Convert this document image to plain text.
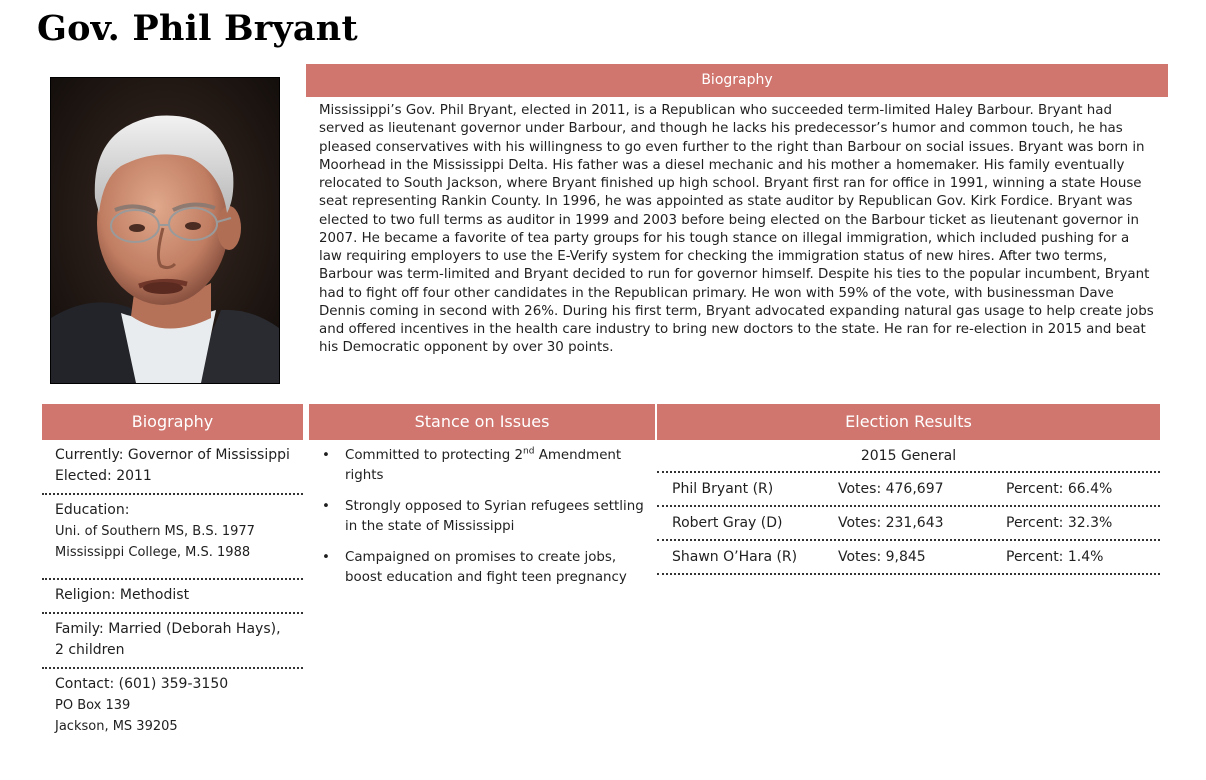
Gov. Phil Bryant
Biography

Mississippi’s Gov. Phil Bryant, elected in 2011, is a Republican who succeeded term-limited Haley Barbour. Bryant had served as lieutenant governor under Barbour, and though he lacks his predecessor’s humor and common touch, he has pleased conservatives with his willingness to go even further to the right than Barbour on social issues. Bryant was born in Moorhead in the Mississippi Delta. His father was a diesel mechanic and his mother a homemaker. His family eventually relocated to South Jackson, where Bryant finished up high school. Bryant first ran for office in 1991, winning a state House seat representing Rankin County. In 1996, he was appointed as state auditor by Republican Gov. Kirk Fordice. Bryant was elected to two full terms as auditor in 1999 and 2003 before being elected on the Barbour ticket as lieutenant governor in 2007. He became a favorite of tea party groups for his tough stance on illegal immigration, which included pushing for a law requiring employers to use the E-Verify system for checking the immigration status of new hires. After two terms, Barbour was term-limited and Bryant decided to run for governor himself. Despite his ties to the popular incumbent, Bryant had to fight off four other candidates in the Republican primary. He won with 59% of the vote, with businessman Dave Dennis coming in second with 26%. During his first term, Bryant advocated expanding natural gas usage to help create jobs and offered incentives in the health care industry to bring new doctors to the state. He ran for re-election in 2015 and beat his Democratic opponent by over 30 points.

Biography
Currently: Governor of Mississippi
Elected: 2011
Education:
Uni. of Southern MS, B.S. 1977
Mississippi College, M.S. 1988
Religion: Methodist
Family: Married (Deborah Hays),
2 children
Contact: (601) 359-3150
PO Box 139
Jackson, MS 39205
Stance on Issues
• Committed to protecting 2nd Amendment rights
• Strongly opposed to Syrian refugees settling in the state of Mississippi
• Campaigned on promises to create jobs, boost education and fight teen pregnancy
Election Results
2015 General
Phil Bryant (R)	Votes: 476,697	Percent: 66.4%
Robert Gray (D)	Votes: 231,643	Percent: 32.3%
Shawn O’Hara (R)	Votes: 9,845	Percent: 1.4%
